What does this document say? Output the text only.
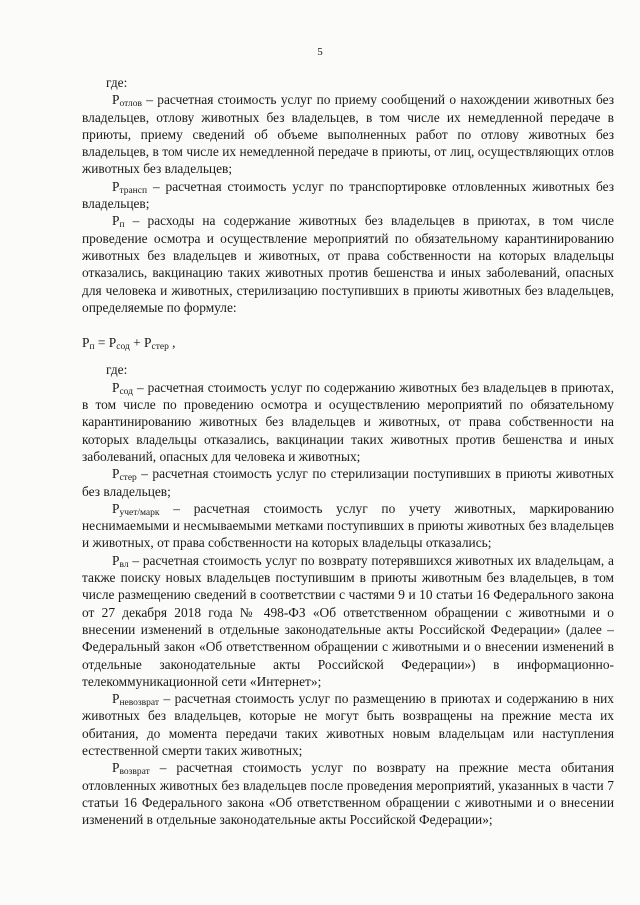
5

где:

$P_{отлов}$ – расчетная стоимость услуг по приему сообщений о нахождении животных без владельцев, отлову животных без владельцев, в том числе их немедленной передаче в приюты, приему сведений об объеме выполненных работ по отлову животных без владельцев, в том числе их немедленной передаче в приюты, от лиц, осуществляющих отлов животных без владельцев;

$P_{трансп}$ – расчетная стоимость услуг по транспортировке отловленных животных без владельцев;

$P_п$ – расходы на содержание животных без владельцев в приютах, в том числе проведение осмотра и осуществление мероприятий по обязательному карантинированию животных без владельцев и животных, от права собственности на которых владельцы отказались, вакцинацию таких животных против бешенства и иных заболеваний, опасных для человека и животных, стерилизацию поступивших в приюты животных без владельцев, определяемые по формуле:

$P_п = P_{сод} + P_{стер}$ ,

где:

$P_{сод}$ – расчетная стоимость услуг по содержанию животных без владельцев в приютах, в том числе по проведению осмотра и осуществлению мероприятий по обязательному карантинированию животных без владельцев и животных, от права собственности на которых владельцы отказались, вакцинации таких животных против бешенства и иных заболеваний, опасных для человека и животных;

$P_{стер}$ – расчетная стоимость услуг по стерилизации поступивших в приюты животных без владельцев;

$P_{учет/марк}$ – расчетная стоимость услуг по учету животных, маркированию неснимаемыми и несмываемыми метками поступивших в приюты животных без владельцев и животных, от права собственности на которых владельцы отказались;

$P_{вл}$ – расчетная стоимость услуг по возврату потерявшихся животных их владельцам, а также поиску новых владельцев поступившим в приюты животным без владельцев, в том числе размещению сведений в соответствии с частями 9 и 10 статьи 16 Федерального закона от 27 декабря 2018 года № 498-ФЗ «Об ответственном обращении с животными и о внесении изменений в отдельные законодательные акты Российской Федерации» (далее – Федеральный закон «Об ответственном обращении с животными и о внесении изменений в отдельные законодательные акты Российской Федерации») в информационно-телекоммуникационной сети «Интернет»;

$P_{невозврат}$ – расчетная стоимость услуг по размещению в приютах и содержанию в них животных без владельцев, которые не могут быть возвращены на прежние места их обитания, до момента передачи таких животных новым владельцам или наступления естественной смерти таких животных;

$P_{возврат}$ – расчетная стоимость услуг по возврату на прежние места обитания отловленных животных без владельцев после проведения мероприятий, указанных в части 7 статьи 16 Федерального закона «Об ответственном обращении с животными и о внесении изменений в отдельные законодательные акты Российской Федерации»;
